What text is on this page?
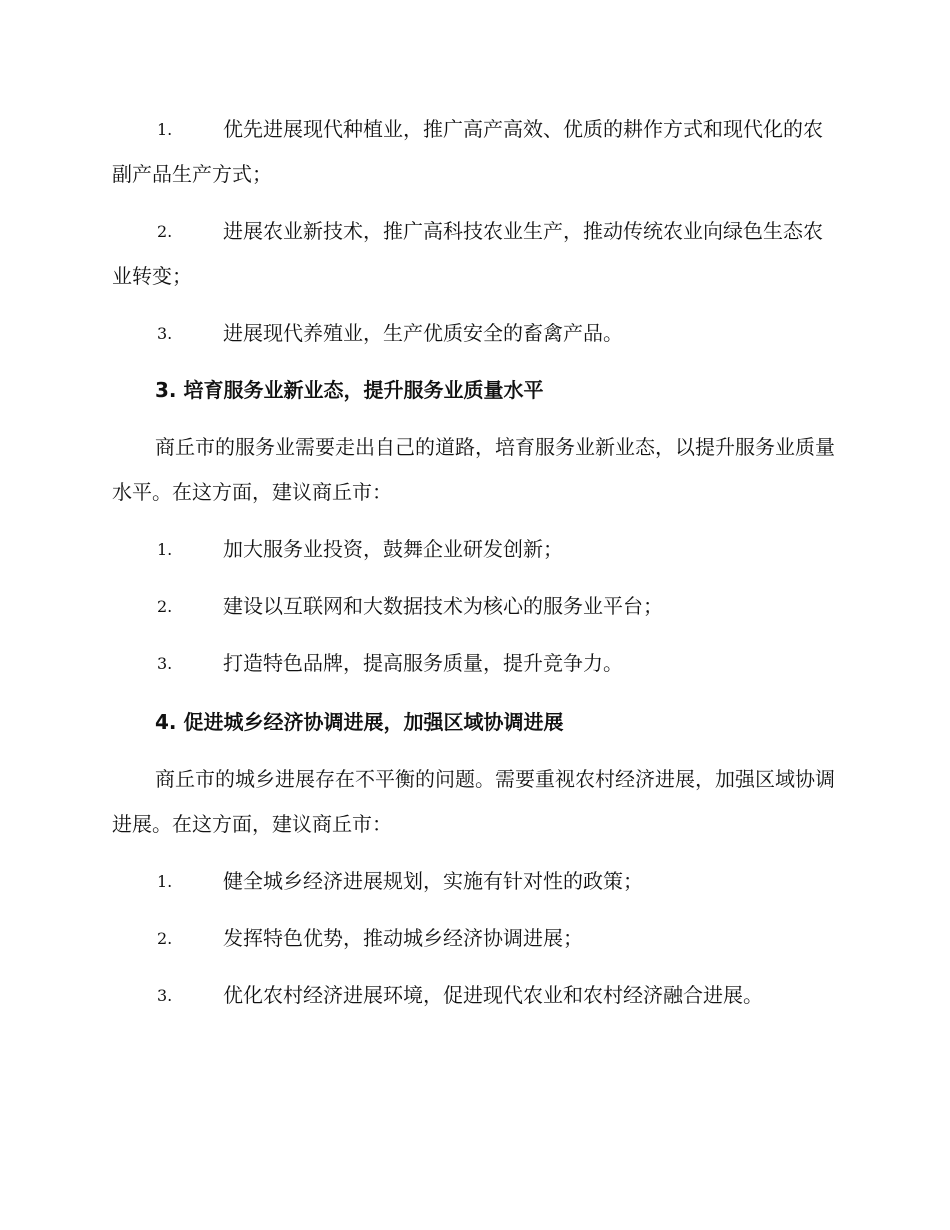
1.	优先进展现代种植业，推广高产高效、优质的耕作方式和现代化的农副产品生产方式；
2.	进展农业新技术，推广高科技农业生产，推动传统农业向绿色生态农业转变；
3.	进展现代养殖业，生产优质安全的畜禽产品。
3. 培育服务业新业态，提升服务业质量水平
商丘市的服务业需要走出自己的道路，培育服务业新业态，以提升服务业质量水平。在这方面，建议商丘市：
1.	加大服务业投资，鼓舞企业研发创新；
2.	建设以互联网和大数据技术为核心的服务业平台；
3.	打造特色品牌，提高服务质量，提升竞争力。
4. 促进城乡经济协调进展，加强区域协调进展
商丘市的城乡进展存在不平衡的问题。需要重视农村经济进展，加强区域协调进展。在这方面，建议商丘市：
1.	健全城乡经济进展规划，实施有针对性的政策；
2.	发挥特色优势，推动城乡经济协调进展；
3.	优化农村经济进展环境，促进现代农业和农村经济融合进展。
